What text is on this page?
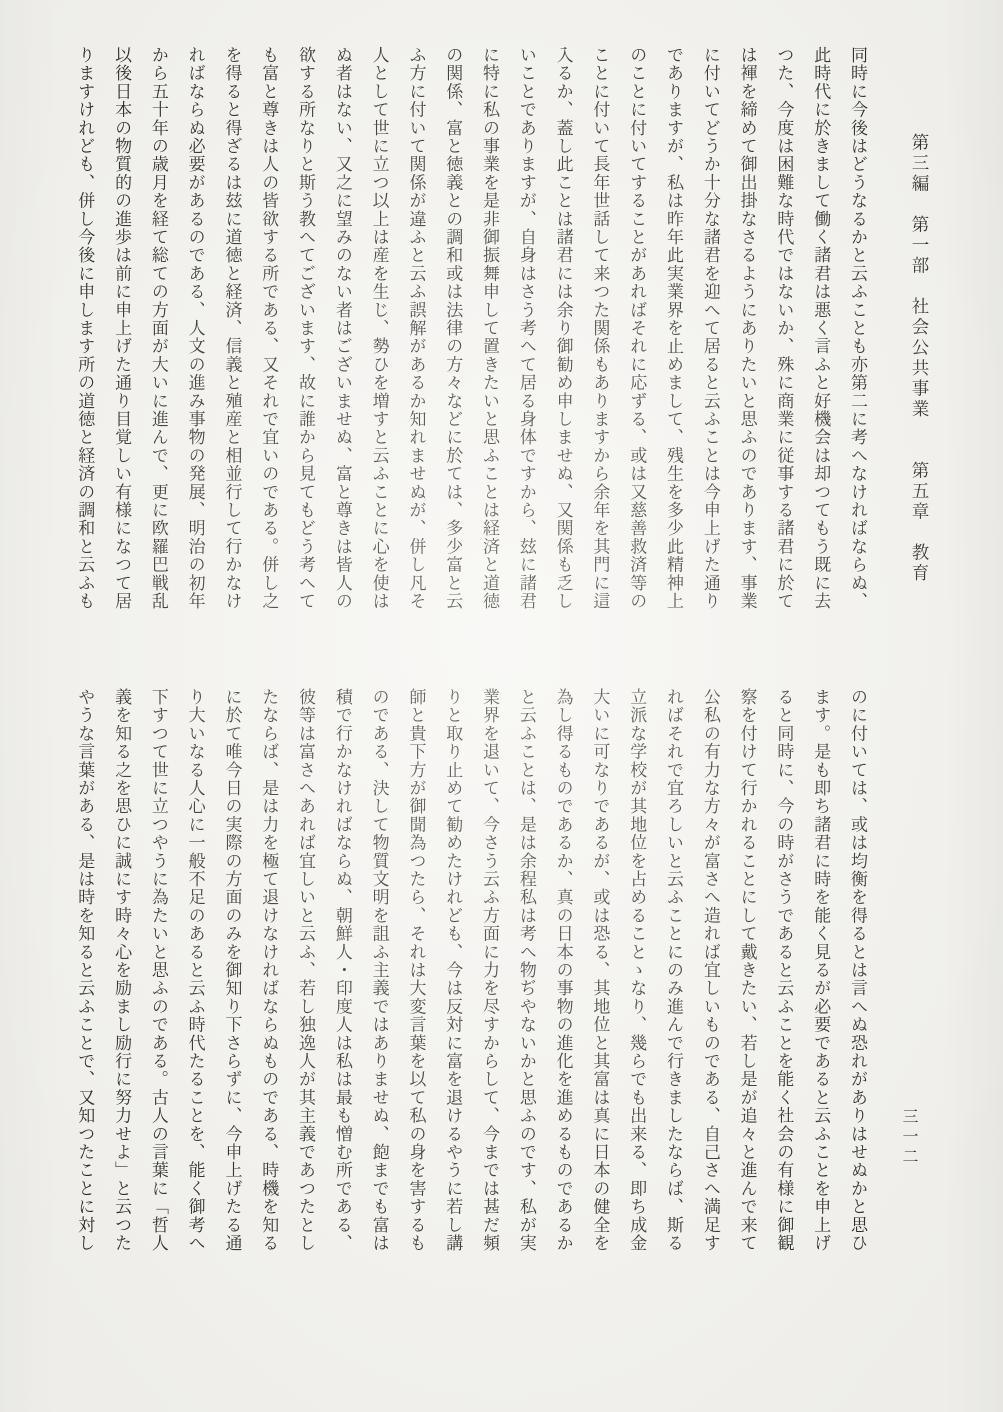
第三編　第一部　社会公共事業　　第五章　教育

同時に今後はどうなるかと云ふことも亦第二に考へなければならぬ、

此時代に於きまして働く諸君は悪く言ふと好機会は却つてもう既に去

つた、今度は困難な時代ではないか、殊に商業に従事する諸君に於て

は褌を締めて御出掛なさるようにありたいと思ふのであります、事業

に付いてどうか十分な諸君を迎へて居ると云ふことは今申上げた通り

でありますが、私は昨年此実業界を止めまして、残生を多少此精神上

のことに付いてすることがあればそれに応ずる、或は又慈善救済等の

ことに付いて長年世話して来つた関係もありますから余年を其門に這

入るか、蓋し此ことは諸君には余り御勧め申しませぬ、又関係も乏し

いことでありますが、自身はさう考へて居る身体ですから、玆に諸君

に特に私の事業を是非御振舞申して置きたいと思ふことは経済と道徳

の関係、富と徳義との調和或は法律の方々などに於ては、多少富と云

ふ方に付いて関係が違ふと云ふ誤解があるか知れませぬが、併し凡そ

人として世に立つ以上は産を生じ、勢ひを増すと云ふことに心を使は

ぬ者はない、又之に望みのない者はございませぬ、富と尊きは皆人の

欲する所なりと斯う教へてございます、故に誰から見てもどう考へて

も富と尊きは人の皆欲する所である、又それで宜いのである。併し之

を得ると得ざるは玆に道徳と経済、信義と殖産と相並行して行かなけ

ればならぬ必要があるのである、人文の進み事物の発展、明治の初年

から五十年の歳月を経て総ての方面が大いに進んで、更に欧羅巴戦乱

以後日本の物質的の進歩は前に申上げた通り目覚しい有様になつて居

りますけれども、併し今後に申します所の道徳と経済の調和と云ふも

のに付いては、或は均衡を得るとは言へぬ恐れがありはせぬかと思ひ

ます。是も即ち諸君に時を能く見るが必要であると云ふことを申上げ

ると同時に、今の時がさうであると云ふことを能く社会の有様に御観

察を付けて行かれることにして戴きたい、若し是が追々と進んで来て

公私の有力な方々が富さへ造れば宜しいものである、自己さへ満足す

ればそれで宜ろしいと云ふことにのみ進んで行きましたならば、斯る

立派な学校が其地位を占めることゝなり、幾らでも出来る、即ち成金

大いに可なりであるが、或は恐る、其地位と其富は真に日本の健全を

為し得るものであるか、真の日本の事物の進化を進めるものであるか

と云ふことは、是は余程私は考へ物ぢやないかと思ふのです、私が実

業界を退いて、今さう云ふ方面に力を尽すからして、今までは甚だ頻

りと取り止めて勧めたけれども、今は反対に富を退けるやうに若し講

師と貴下方が御聞為つたら、それは大変言葉を以て私の身を害するも

のである、決して物質文明を詛ふ主義ではありませぬ、飽までも富は

積で行かなければならぬ、朝鮮人・印度人は私は最も憎む所である、

彼等は富さへあれば宜しいと云ふ、若し独逸人が其主義であつたとし

たならば、是は力を極て退けなければならぬものである、時機を知る

に於て唯今日の実際の方面のみを御知り下さらずに、今申上げたる通

り大いなる人心に一般不足のあると云ふ時代たることを、能く御考へ

下すつて世に立つやうに為たいと思ふのである。古人の言葉に「哲人

義を知る之を思ひに誠にす時々心を励まし励行に努力せよ」と云つた

やうな言葉がある、是は時を知ると云ふことで、又知つたことに対し	三一二
